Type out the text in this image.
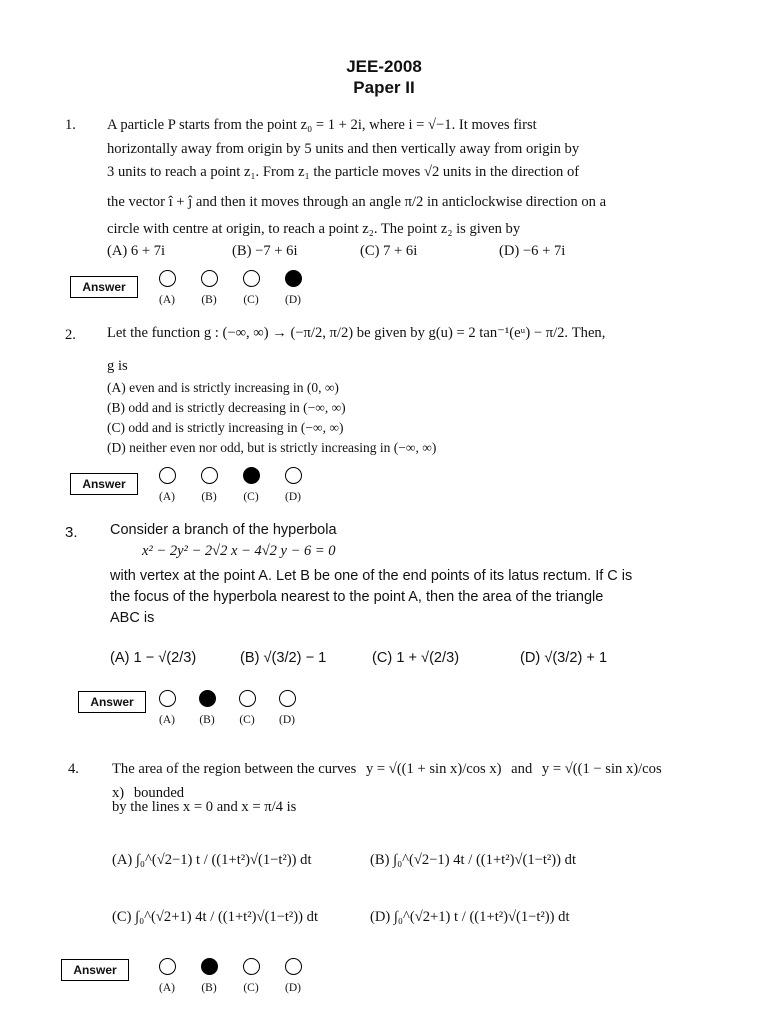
JEE-2008
Paper II
1. A particle P starts from the point z₀ = 1 + 2i, where i = √−1. It moves first
horizontally away from origin by 5 units and then vertically away from origin by
3 units to reach a point z₁. From z₁ the particle moves √2 units in the direction of
the vector î + ĵ and then it moves through an angle π/2 in anticlockwise direction on a
circle with centre at origin, to reach a point z₂. The point z₂ is given by
(A) 6 + 7i	(B) −7 + 6i	(C) 7 + 6i	(D) −6 + 7i
Answer
2. Let the function g : (−∞, ∞) → (−π/2, π/2) be given by g(u) = 2 tan⁻¹(eᵘ) − π/2. Then,
g is
(A) even and is strictly increasing in (0, ∞)
(B) odd and is strictly decreasing in (−∞, ∞)
(C) odd and is strictly increasing in (−∞, ∞)
(D) neither even nor odd, but is strictly increasing in (−∞, ∞)
Answer
3. Consider a branch of the hyperbola
x² − 2y² − 2√2 x − 4√2 y − 6 = 0
with vertex at the point A. Let B be one of the end points of its latus rectum. If C is
the focus of the hyperbola nearest to the point A, then the area of the triangle
ABC is
(A) 1 − √(2/3)	(B) √(3/2) − 1	(C) 1 + √(2/3)	(D) √(3/2) + 1
Answer
4. The area of the region between the curves y = √((1 + sin x)/cos x) and y = √((1 − sin x)/cos x) bounded
by the lines x = 0 and x = π/4 is
(A) ∫₀^(√2−1) t / ((1+t²)√(1−t²)) dt	(B) ∫₀^(√2−1) 4t / ((1+t²)√(1−t²)) dt
(C) ∫₀^(√2+1) 4t / ((1+t²)√(1−t²)) dt	(D) ∫₀^(√2+1) t / ((1+t²)√(1−t²)) dt
Answer
(A)	(B)	(C)	(D)
(A)	(B)	(C)	(D)
(A)	(B)	(C)	(D)
(A)	(B)	(C)	(D)
